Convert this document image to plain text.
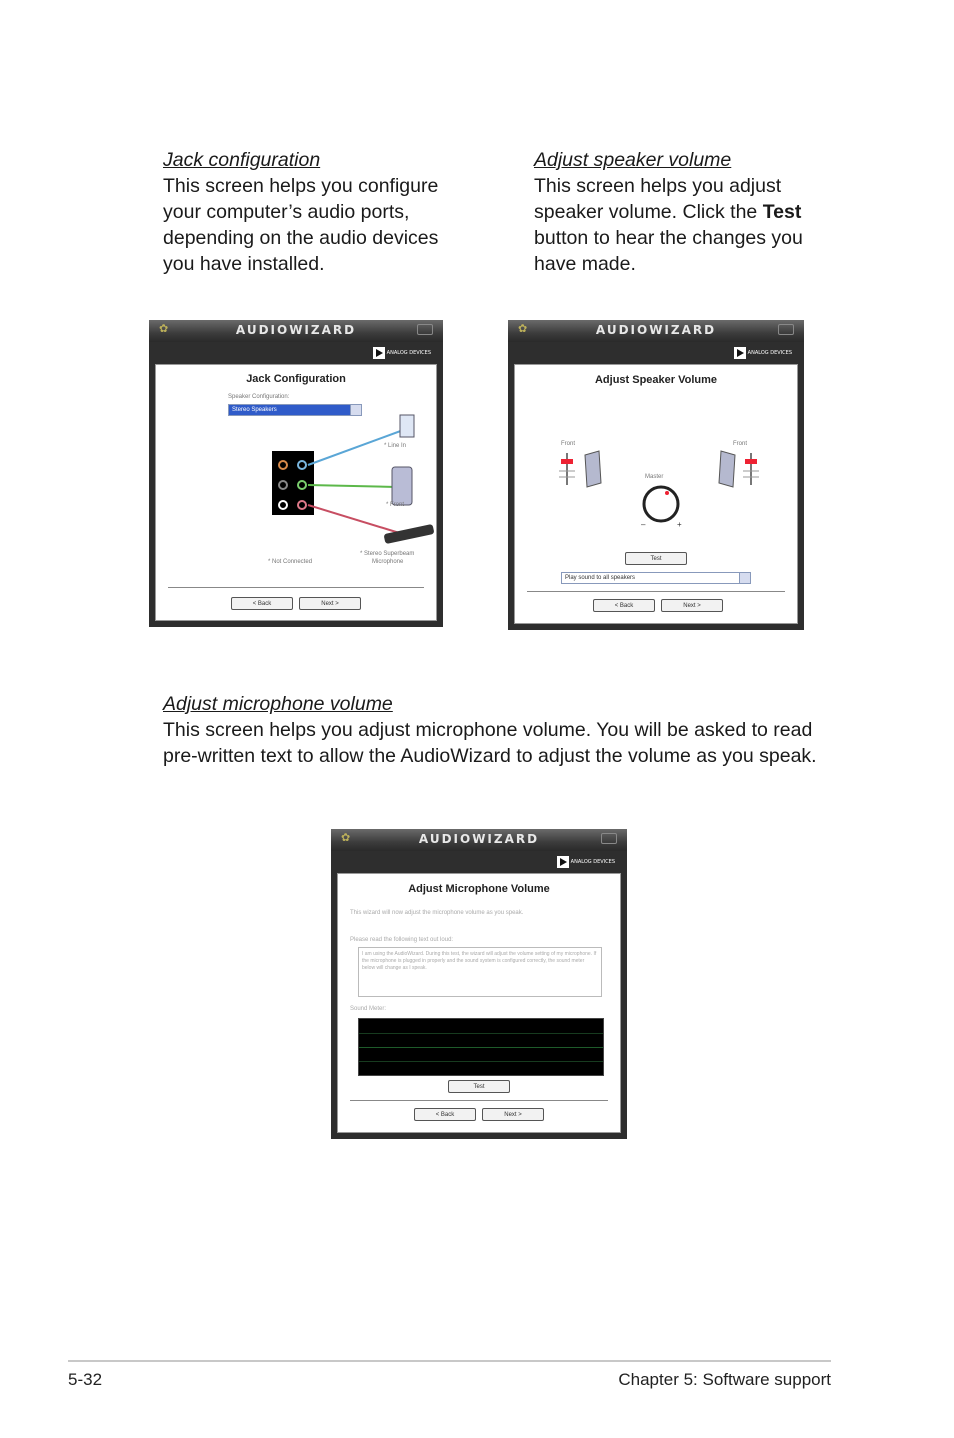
Jack configuration
This screen helps you configure
your computer’s audio ports,
depending on the audio devices
you have installed.
Adjust speaker volume
This screen helps you adjust
speaker volume. Click the Test
button to hear the changes you
have made.
✿	AUDIOWIZARD
ANALOG DEVICES
Jack Configuration
Speaker Configuration:
Stereo Speakers
* Line In
* Front
* Not Connected
* Stereo Superbeam
Microphone
< Back	Next >
✿	AUDIOWIZARD
ANALOG DEVICES
Adjust Speaker Volume
Front	Front
Master
–	+
Test
Play sound to all speakers
< Back	Next >
Adjust microphone volume
This screen helps you adjust microphone volume. You will be asked to read
pre-written text to allow the AudioWizard to adjust the volume as you speak.
✿	AUDIOWIZARD
ANALOG DEVICES
Adjust Microphone Volume
This wizard will now adjust the microphone volume as you speak.
Please read the following text out loud:
I am using the AudioWizard. During this test, the wizard will adjust the volume setting of my microphone. If the microphone is plugged in properly and the sound system is configured correctly, the sound meter below will change as I speak.
Sound Meter:
Test
< Back	Next >
5-32	Chapter 5: Software support
